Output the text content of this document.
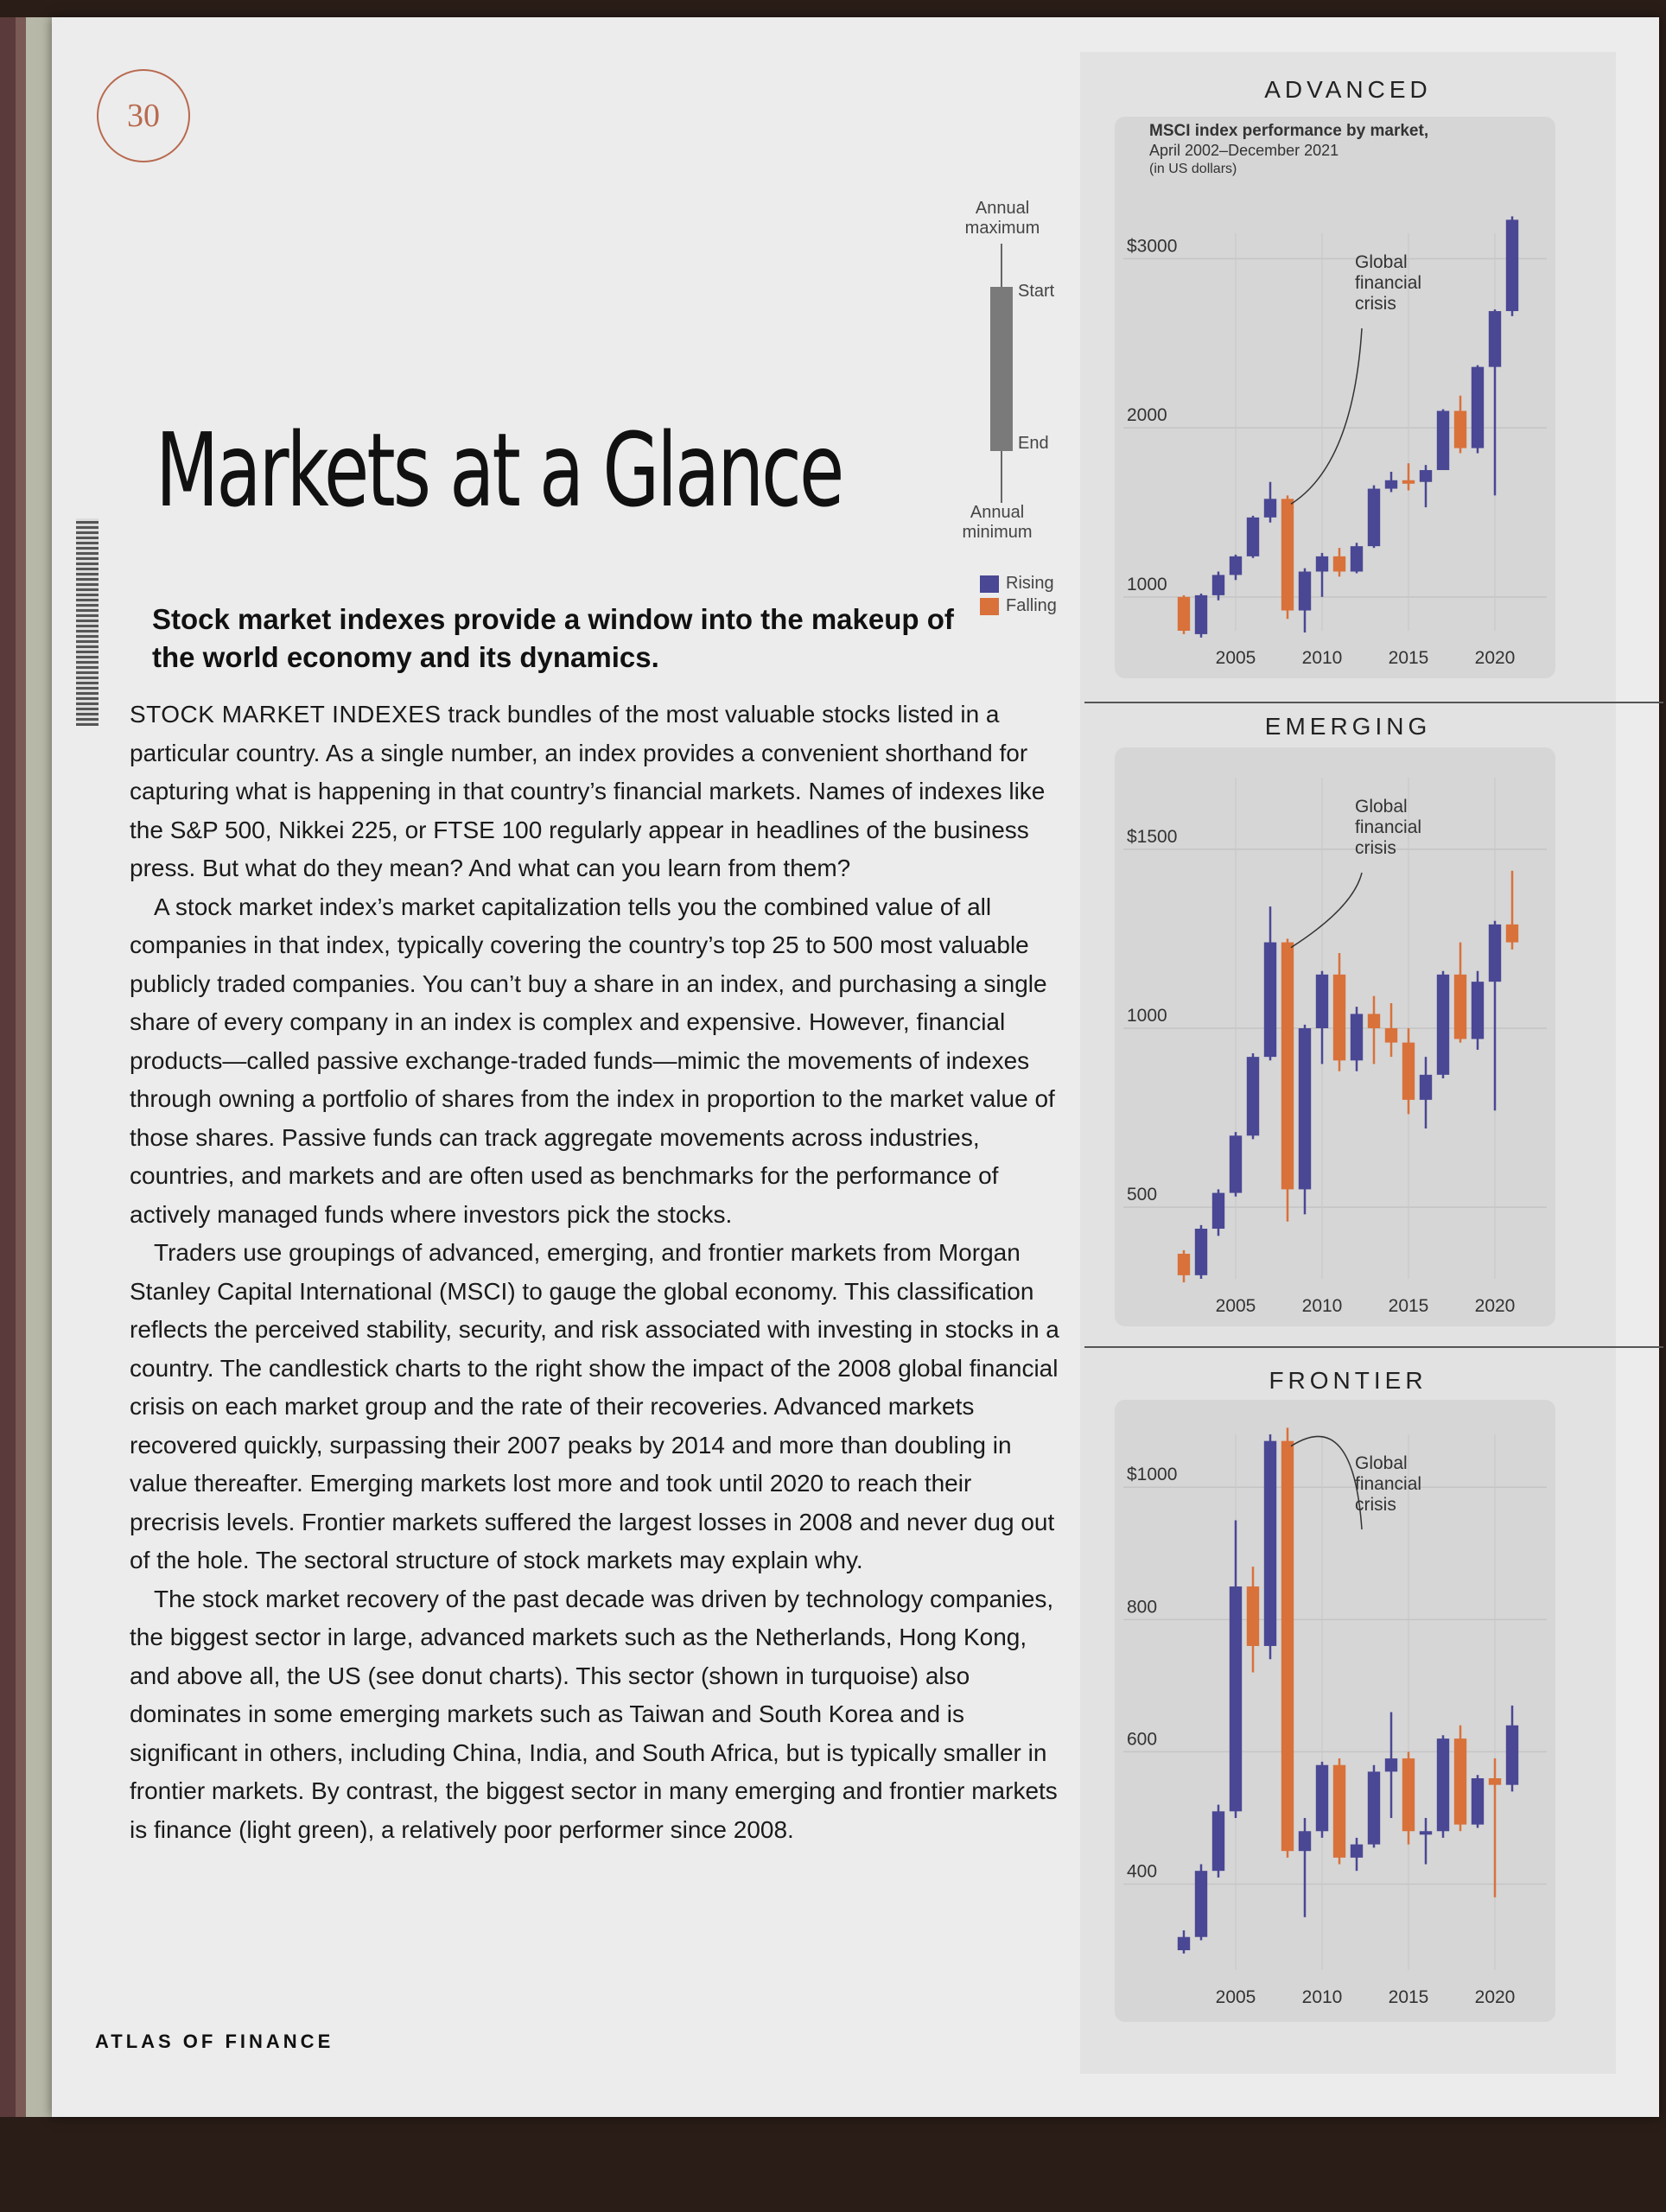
30
Markets at a Glance
Stock market indexes provide a window into the makeup of the world economy and its dynamics.

STOCK MARKET INDEXES track bundles of the most valuable stocks listed in a particular country. As a single number, an index provides a convenient shorthand for capturing what is happening in that country’s financial markets. Names of indexes like the S&P 500, Nikkei 225, or FTSE 100 regularly appear in headlines of the business press. But what do they mean? And what can you learn from them?

A stock market index’s market capitalization tells you the combined value of all companies in that index, typically covering the country’s top 25 to 500 most valuable publicly traded companies. You can’t buy a share in an index, and purchasing a single share of every company in an index is complex and expensive. However, financial products—called passive exchange-traded funds—mimic the movements of indexes through owning a portfolio of shares from the index in proportion to the market value of those shares. Passive funds can track aggregate movements across industries, countries, and markets and are often used as benchmarks for the performance of actively managed funds where investors pick the stocks.

Traders use groupings of advanced, emerging, and frontier markets from Morgan Stanley Capital International (MSCI) to gauge the global economy. This classification reflects the perceived stability, security, and risk associated with investing in stocks in a country. The candlestick charts to the right show the impact of the 2008 global financial crisis on each market group and the rate of their recoveries. Advanced markets recovered quickly, surpassing their 2007 peaks by 2014 and more than doubling in value thereafter. Emerging markets lost more and took until 2020 to reach their precrisis levels. Frontier markets suffered the largest losses in 2008 and never dug out of the hole. The sectoral structure of stock markets may explain why.

The stock market recovery of the past decade was driven by technology companies, the biggest sector in large, advanced markets such as the Netherlands, Hong Kong, and above all, the US (see donut charts). This sector (shown in turquoise) also dominates in some emerging markets such as Taiwan and South Korea and is significant in others, including China, India, and South Africa, but is typically smaller in frontier markets. By contrast, the biggest sector in many emerging and frontier markets is finance (light green), a relatively poor performer since 2008.

ATLAS OF FINANCE
Annual
maximum
Start
End
Annual
minimum
Rising
Falling
ADVANCED
MSCI index performance by market,
April 2002–December 2021
(in US dollars)
EMERGING
FRONTIER
1000
2000
$3000
2005	2010	2015	2020
Global
financial
crisis
500
1000
$1500
2005	2010	2015	2020
Global
financial
crisis
400
600
800
$1000
2005	2010	2015	2020
Global
financial
crisis
